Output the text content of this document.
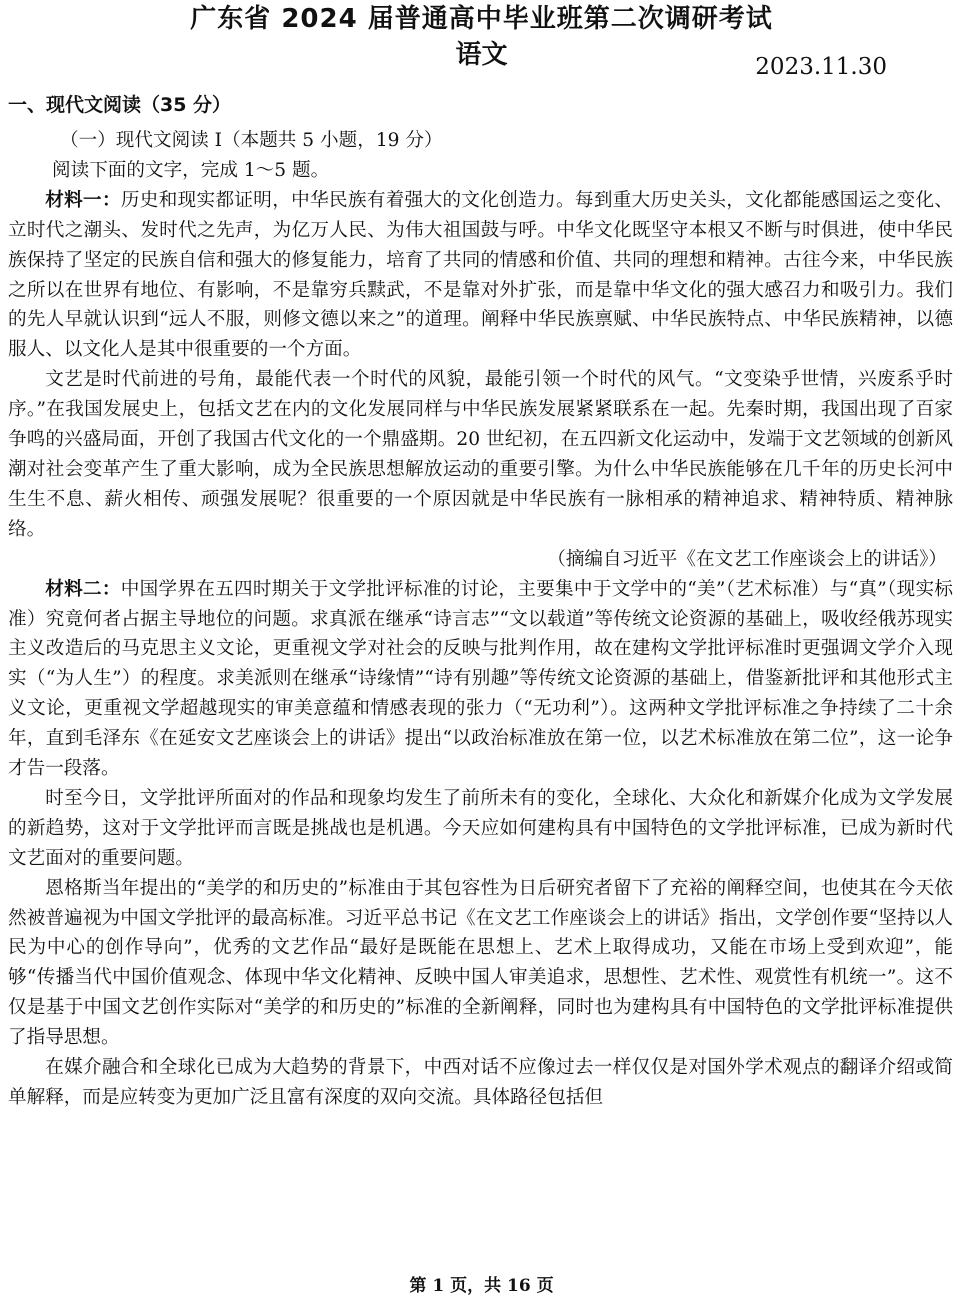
广东省 2024 届普通高中毕业班第二次调研考试
语文	2023.11.30
一、现代文阅读（35 分）

（一）现代文阅读 I（本题共 5 小题，19 分）

阅读下面的文字，完成 1～5 题。

材料一：历史和现实都证明，中华民族有着强大的文化创造力。每到重大历史关头，文化都能感国运之变化、立时代之潮头、发时代之先声，为亿万人民、为伟大祖国鼓与呼。中华文化既坚守本根又不断与时俱进，使中华民族保持了坚定的民族自信和强大的修复能力，培育了共同的情感和价值、共同的理想和精神。古往今来，中华民族之所以在世界有地位、有影响，不是靠穷兵黩武，不是靠对外扩张，而是靠中华文化的强大感召力和吸引力。我们的先人早就认识到“远人不服，则修文德以来之”的道理。阐释中华民族禀赋、中华民族特点、中华民族精神，以德服人、以文化人是其中很重要的一个方面。

文艺是时代前进的号角，最能代表一个时代的风貌，最能引领一个时代的风气。“文变染乎世情，兴废系乎时序。”在我国发展史上，包括文艺在内的文化发展同样与中华民族发展紧紧联系在一起。先秦时期，我国出现了百家争鸣的兴盛局面，开创了我国古代文化的一个鼎盛期。20 世纪初，在五四新文化运动中，发端于文艺领域的创新风潮对社会变革产生了重大影响，成为全民族思想解放运动的重要引擎。为什么中华民族能够在几千年的历史长河中生生不息、薪火相传、顽强发展呢？很重要的一个原因就是中华民族有一脉相承的精神追求、精神特质、精神脉络。

（摘编自习近平《在文艺工作座谈会上的讲话》）

材料二：中国学界在五四时期关于文学批评标准的讨论，主要集中于文学中的“美”（艺术标准）与“真”（现实标准）究竟何者占据主导地位的问题。求真派在继承“诗言志”“文以载道”等传统文论资源的基础上，吸收经俄苏现实主义改造后的马克思主义文论，更重视文学对社会的反映与批判作用，故在建构文学批评标准时更强调文学介入现实（“为人生”）的程度。求美派则在继承“诗缘情”“诗有别趣”等传统文论资源的基础上，借鉴新批评和其他形式主义文论，更重视文学超越现实的审美意蕴和情感表现的张力（“无功利”）。这两种文学批评标准之争持续了二十余年，直到毛泽东《在延安文艺座谈会上的讲话》提出“以政治标准放在第一位，以艺术标准放在第二位”，这一论争才告一段落。

时至今日，文学批评所面对的作品和现象均发生了前所未有的变化，全球化、大众化和新媒介化成为文学发展的新趋势，这对于文学批评而言既是挑战也是机遇。今天应如何建构具有中国特色的文学批评标准，已成为新时代文艺面对的重要问题。

恩格斯当年提出的“美学的和历史的”标准由于其包容性为日后研究者留下了充裕的阐释空间，也使其在今天依然被普遍视为中国文学批评的最高标准。习近平总书记《在文艺工作座谈会上的讲话》指出，文学创作要“坚持以人民为中心的创作导向”，优秀的文艺作品“最好是既能在思想上、艺术上取得成功，又能在市场上受到欢迎”，能够“传播当代中国价值观念、体现中华文化精神、反映中国人审美追求，思想性、艺术性、观赏性有机统一”。这不仅是基于中国文艺创作实际对“美学的和历史的”标准的全新阐释，同时也为建构具有中国特色的文学批评标准提供了指导思想。

在媒介融合和全球化已成为大趋势的背景下，中西对话不应像过去一样仅仅是对国外学术观点的翻译介绍或简单解释，而是应转变为更加广泛且富有深度的双向交流。具体路径包括但

第 1 页，共 16 页
